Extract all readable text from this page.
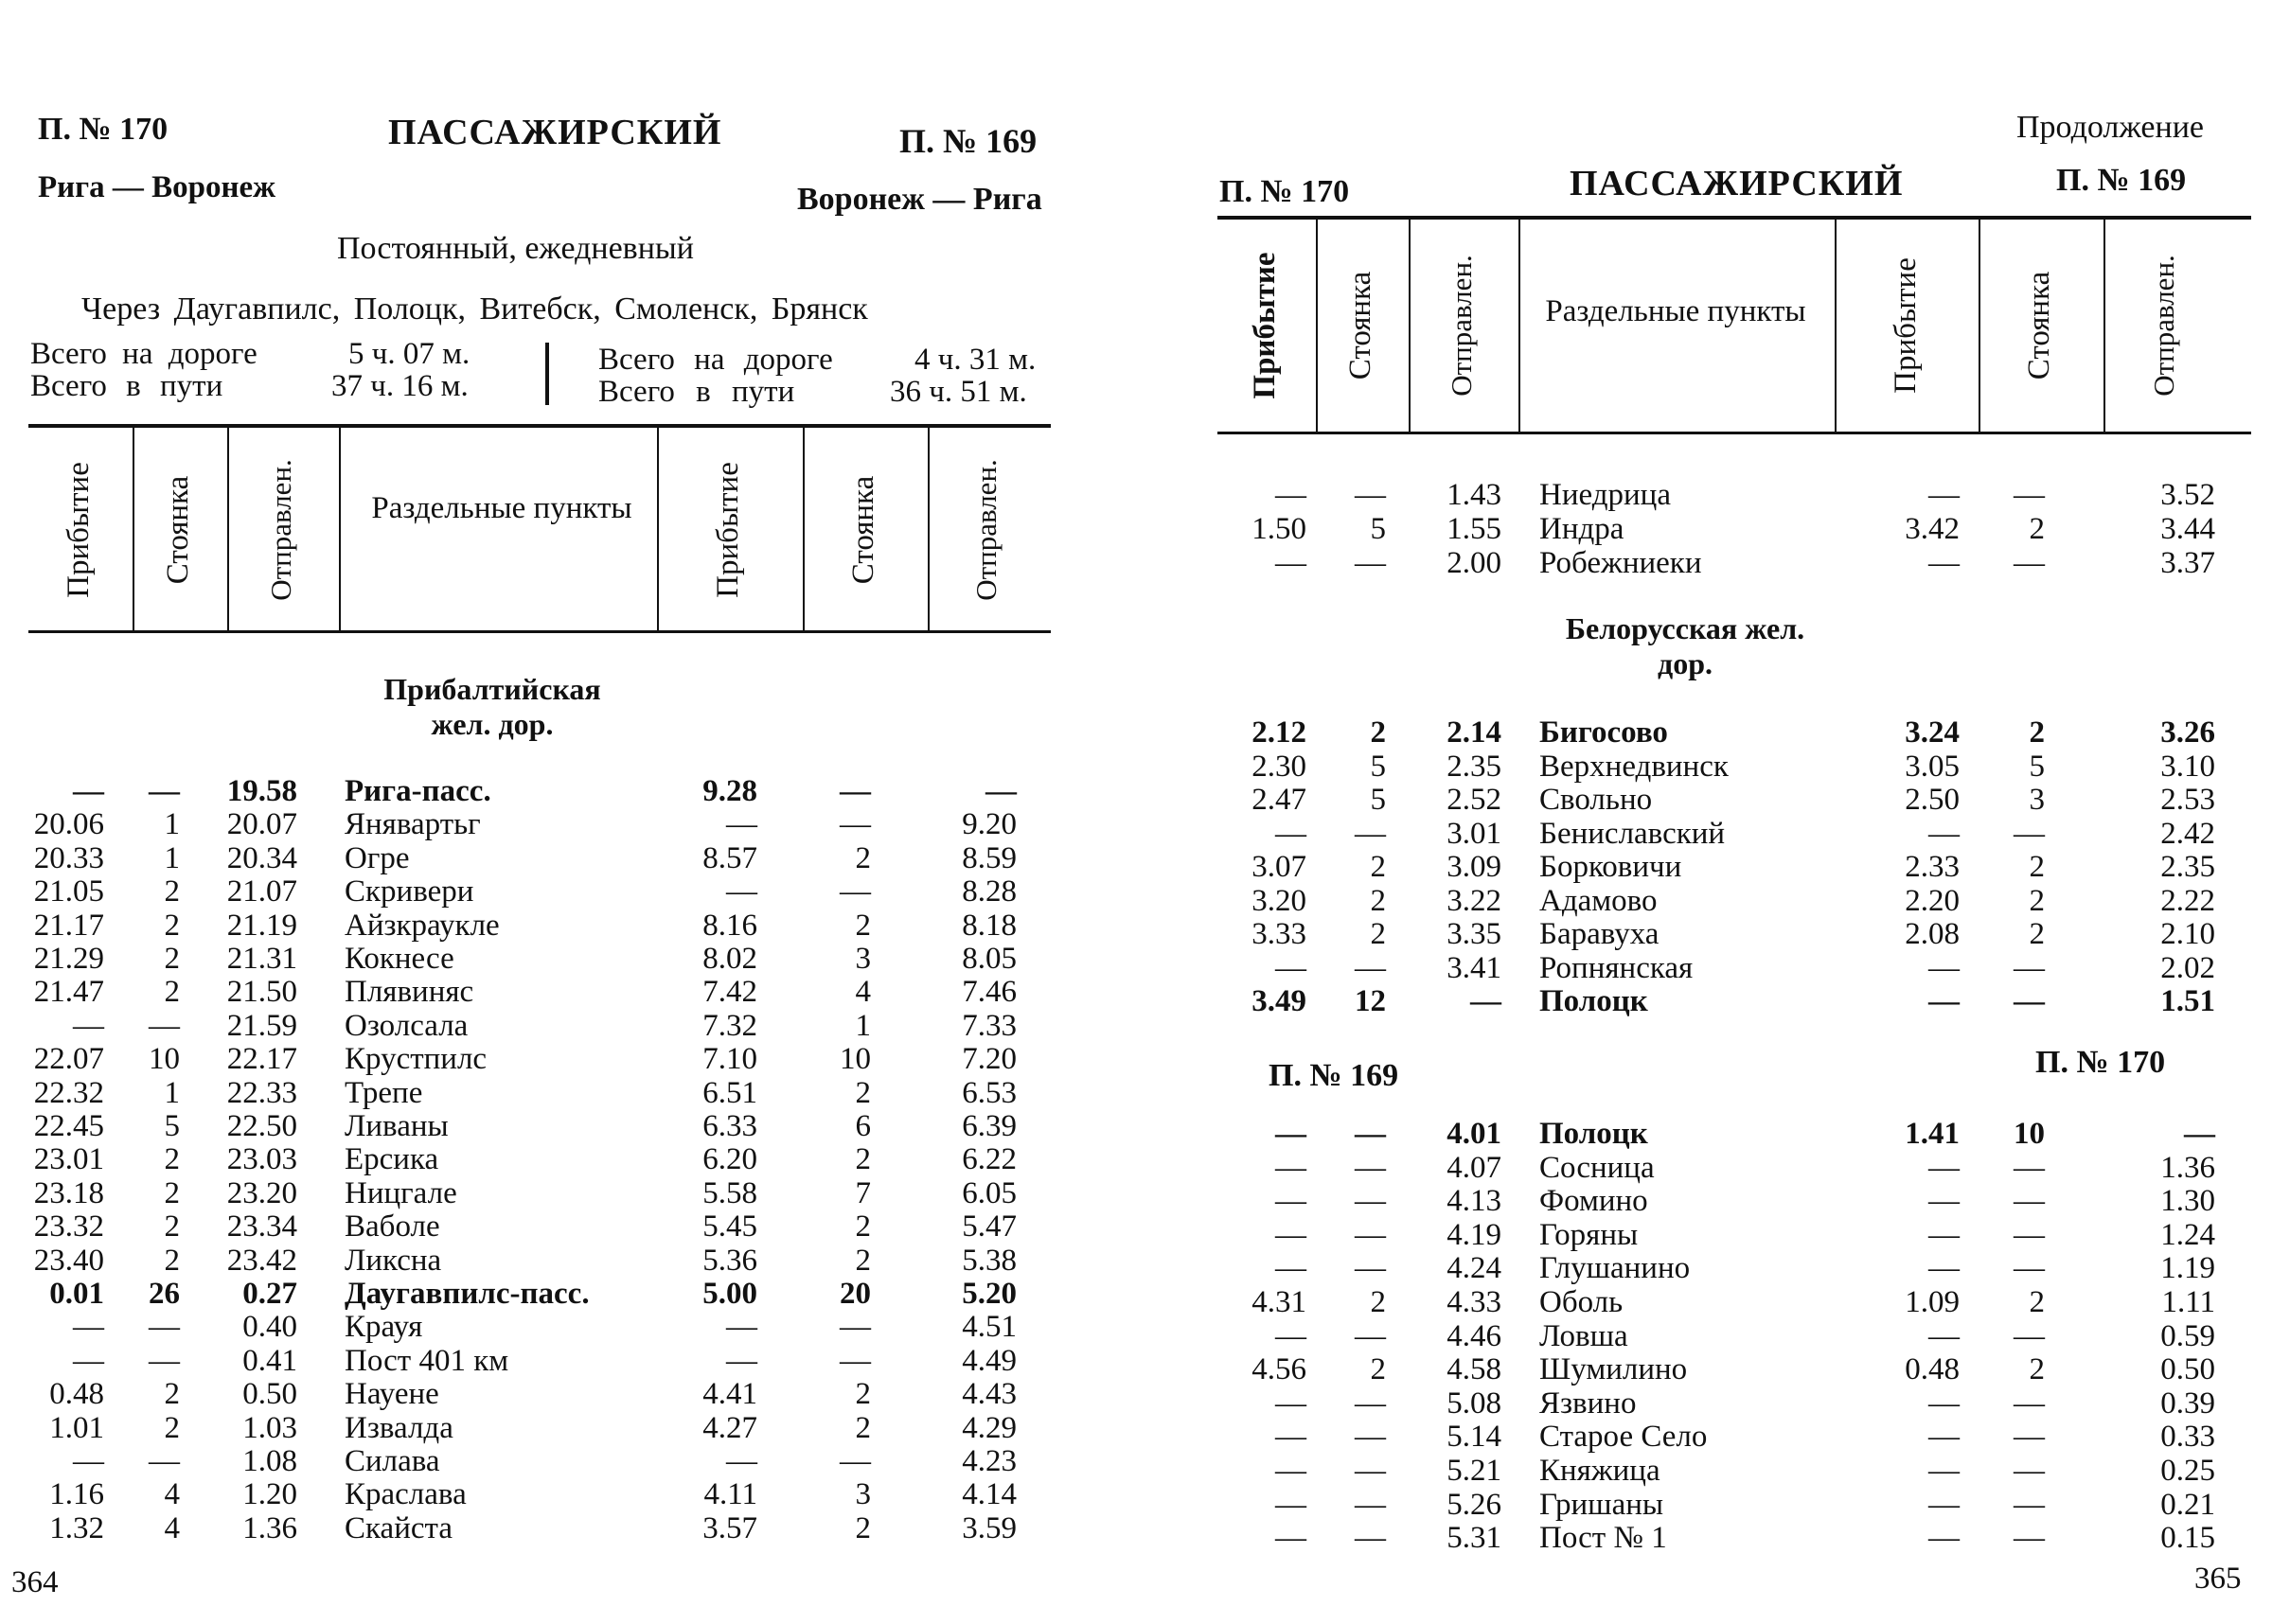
П. № 170	ПАССАЖИРСКИЙ	П. № 169
Рига — Воронеж	Воронеж — Рига
Постоянный, ежедневный
Через Даугавпилс, Полоцк, Витебск, Смоленск, Брянск
Всего на дороге	5 ч. 07 м.
Всего в пути	37 ч. 16 м.
Всего на дороге	4 ч. 31 м.
Всего в пути	36 ч. 51 м.
Прибытие Стоянка Отправлен.	Раздельные пункты	Прибытие	Стоянка	Отправлен.
Прибалтийская жел. дор.
—	—	19.58 Рига-пасс.	9.28	—	—
20.06	1	20.07 Янявартьг	—	—	9.20
20.33	1	20.34 Огре	8.57	2	8.59
21.05	2	21.07 Скривери	—	—	8.28
21.17	2	21.19 Айзкраукле	8.16	2	8.18
21.29	2	21.31 Кокнесе	8.02	3	8.05
21.47	2	21.50 Плявиняс	7.42	4	7.46
—	—	21.59 Озолсала	7.32	1	7.33
22.07	10	22.17 Крустпилс	7.10	10	7.20
22.32	1	22.33 Трепе	6.51	2	6.53
22.45	5	22.50 Ливаны	6.33	6	6.39
23.01	2	23.03 Ерсика	6.20	2	6.22
23.18	2	23.20 Ницгале	5.58	7	6.05
23.32	2	23.34 Ваболе	5.45	2	5.47
23.40	2	23.42 Ликсна	5.36	2	5.38
0.01	26	0.27 Даугавпилс-пасс.	5.00	20	5.20
—	—	0.40 Крауя	—	—	4.51
—	—	0.41 Пост 401 км	—	—	4.49
0.48	2	0.50 Науене	4.41	2	4.43
1.01	2	1.03 Извалда	4.27	2	4.29
—	—	1.08 Силава	—	—	4.23
1.16	4	1.20 Краслава	4.11	3	4.14
1.32	4	1.36 Скайста	3.57	2	3.59
364
Продолжение
П. № 170	ПАССАЖИРСКИЙ	П. № 169
Прибытие Стоянка Отправлен.	Раздельные пункты	Прибытие	Стоянка	Отправлен.
—	—	1.43 Ниедрица	—	—	3.52
1.50	5	1.55 Индра	3.42	2	3.44
—	—	2.00 Робежниеки	—	—	3.37
Белорусская жел. дор.
2.12	2	2.14 Бигосово	3.24	2	3.26
2.30	5	2.35 Верхнедвинск	3.05	5	3.10
2.47	5	2.52 Свольно	2.50	3	2.53
—	—	3.01 Бениславский	—	—	2.42
3.07	2	3.09 Борковичи	2.33	2	2.35
3.20	2	3.22 Адамово	2.20	2	2.22
3.33	2	3.35 Баравуха	2.08	2	2.10
—	—	3.41 Ропнянская	—	—	2.02
3.49	12	— Полоцк	—	—	1.51
П. № 169	П. № 170
—	—	4.01 Полоцк	1.41	10	—
—	—	4.07 Сосница	—	—	1.36
—	—	4.13 Фомино	—	—	1.30
—	—	4.19 Горяны	—	—	1.24
—	—	4.24 Глушанино	—	—	1.19
4.31	2	4.33 Оболь	1.09	2	1.11
—	—	4.46 Ловша	—	—	0.59
4.56	2	4.58 Шумилино	0.48	2	0.50
—	—	5.08 Язвино	—	—	0.39
—	—	5.14 Старое Село	—	—	0.33
—	—	5.21 Княжица	—	—	0.25
—	—	5.26 Гришаны	—	—	0.21
—	—	5.31 Пост № 1	—	—	0.15
365
